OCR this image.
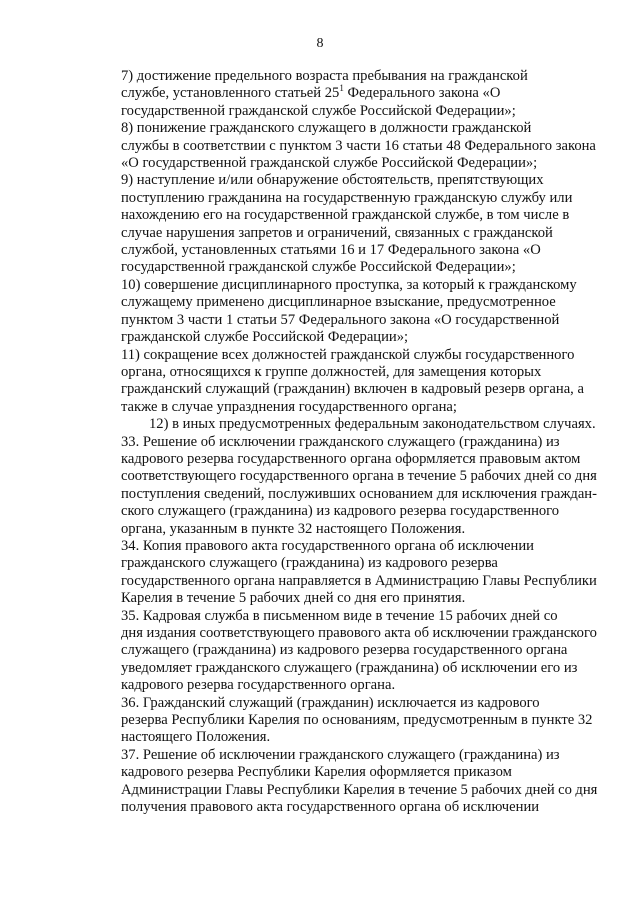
8
7) достижение предельного возраста пребывания на гражданской
службе, установленного статьей 25$^1$ Федерального закона «О
государственной гражданской службе Российской Федерации»;
8) понижение гражданского служащего в должности гражданской
службы в соответствии с пунктом 3 части 16 статьи 48 Федерального закона
«О государственной гражданской службе Российской Федерации»;
9) наступление и/или обнаружение обстоятельств, препятствующих
поступлению гражданина на государственную гражданскую службу или
нахождению его на государственной гражданской службе, в том числе в
случае нарушения запретов и ограничений, связанных с гражданской
службой, установленных статьями 16 и 17 Федерального закона «О
государственной гражданской службе Российской Федерации»;
10) совершение дисциплинарного проступка, за который к гражданскому
служащему применено дисциплинарное взыскание, предусмотренное
пунктом 3 части 1 статьи 57 Федерального закона «О государственной
гражданской службе Российской Федерации»;
11) сокращение всех должностей гражданской службы государственного
органа, относящихся к группе должностей, для замещения которых
гражданский служащий (гражданин) включен в кадровый резерв органа, а
также в случае упразднения государственного органа;
12) в иных предусмотренных федеральным законодательством случаях.
33. Решение об исключении гражданского служащего (гражданина) из
кадрового резерва государственного органа оформляется правовым актом
соответствующего государственного органа в течение 5 рабочих дней со дня
поступления сведений, послуживших основанием для исключения граждан-
ского служащего (гражданина) из кадрового резерва государственного
органа, указанным в пункте 32 настоящего Положения.
34. Копия правового акта государственного органа об исключении
гражданского служащего (гражданина) из кадрового резерва
государственного органа направляется в Администрацию Главы Республики
Карелия в течение 5 рабочих дней со дня его принятия.
35. Кадровая служба в письменном виде в течение 15 рабочих дней со
дня издания соответствующего правового акта об исключении гражданского
служащего (гражданина) из кадрового резерва государственного органа
уведомляет гражданского служащего (гражданина) об исключении его из
кадрового резерва государственного органа.
36. Гражданский служащий (гражданин) исключается из кадрового
резерва Республики Карелия по основаниям, предусмотренным в пункте 32
настоящего Положения.
37. Решение об исключении гражданского служащего (гражданина) из
кадрового резерва Республики Карелия оформляется приказом
Администрации Главы Республики Карелия в течение 5 рабочих дней со дня
получения правового акта государственного органа об исключении
